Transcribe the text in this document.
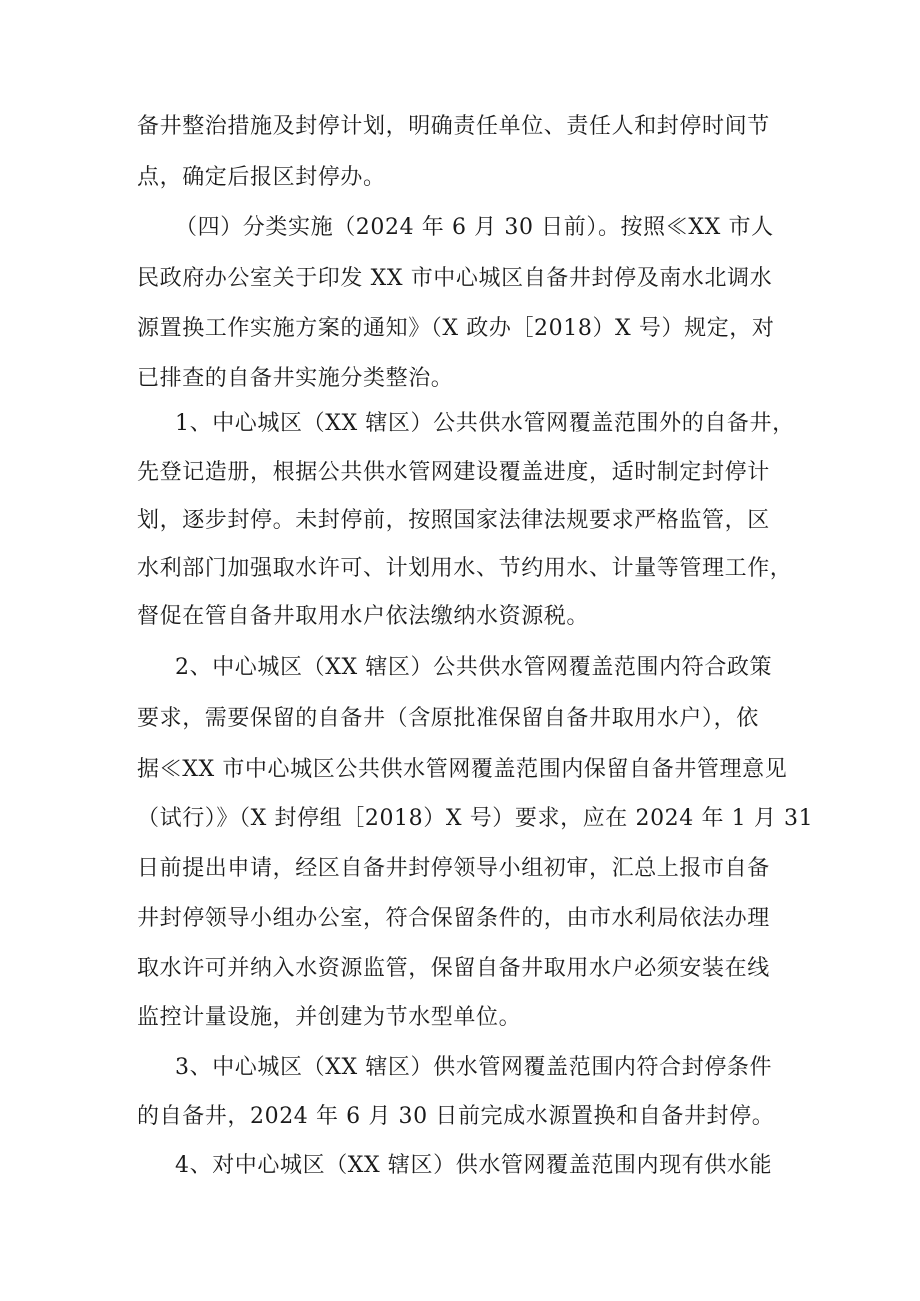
备井整治措施及封停计划，明确责任单位、责任人和封停时间节
点，确定后报区封停办。
（四）分类实施（2024 年 6 月 30 日前）。按照≪XX 市人
民政府办公室关于印发 XX 市中心城区自备井封停及南水北调水
源置换工作实施方案的通知》（X 政办［2018）X 号）规定，对
已排查的自备井实施分类整治。
1、中心城区（XX 辖区）公共供水管网覆盖范围外的自备井，
先登记造册，根据公共供水管网建设覆盖进度，适时制定封停计
划，逐步封停。未封停前，按照国家法律法规要求严格监管，区
水利部门加强取水许可、计划用水、节约用水、计量等管理工作，
督促在管自备井取用水户依法缴纳水资源税。
2、中心城区（XX 辖区）公共供水管网覆盖范围内符合政策
要求，需要保留的自备井（含原批准保留自备井取用水户），依
据≪XX 市中心城区公共供水管网覆盖范围内保留自备井管理意见
（试行）》（X 封停组［2018）X 号）要求，应在 2024 年 1 月 31
日前提出申请，经区自备井封停领导小组初审，汇总上报市自备
井封停领导小组办公室，符合保留条件的，由市水利局依法办理
取水许可并纳入水资源监管，保留自备井取用水户必须安装在线
监控计量设施，并创建为节水型单位。
3、中心城区（XX 辖区）供水管网覆盖范围内符合封停条件
的自备井，2024 年 6 月 30 日前完成水源置换和自备井封停。
4、对中心城区（XX 辖区）供水管网覆盖范围内现有供水能
